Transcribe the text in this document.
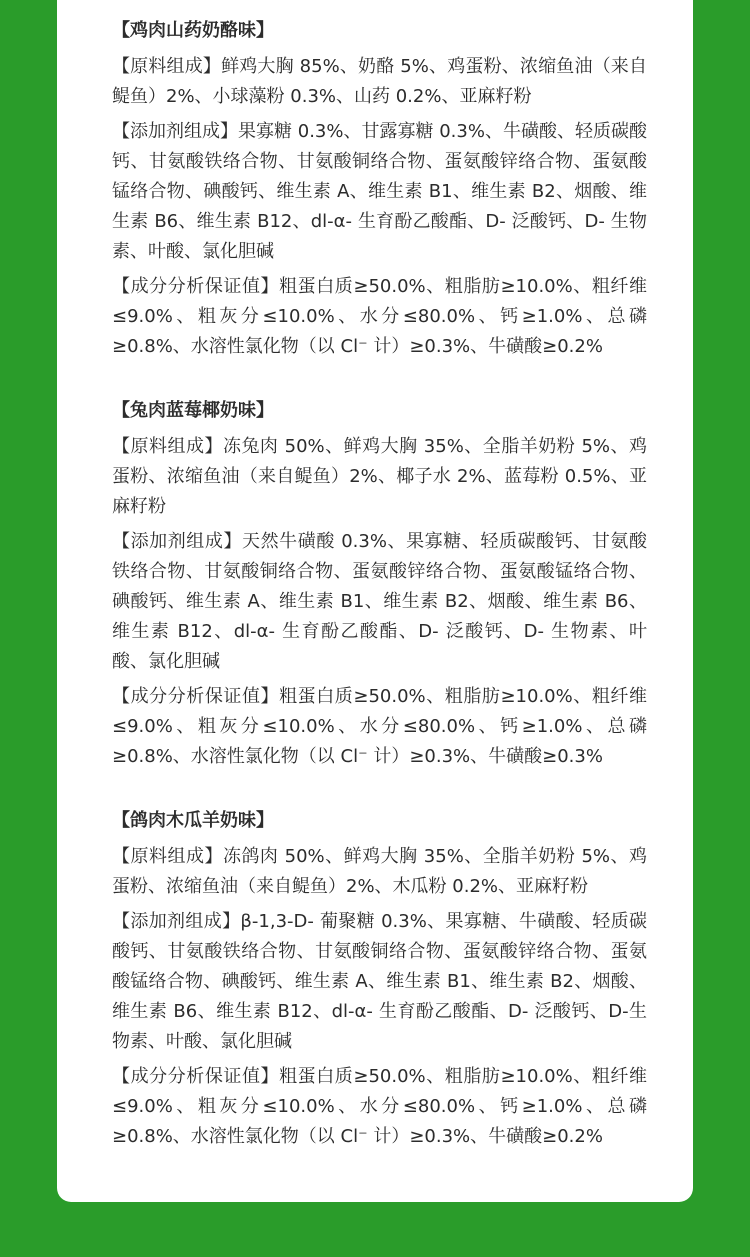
【鸡肉山药奶酪味】
【原料组成】鲜鸡大胸 85%、奶酪 5%、鸡蛋粉、浓缩鱼油（来自鳀鱼）2%、小球藻粉 0.3%、山药 0.2%、亚麻籽粉
【添加剂组成】果寡糖 0.3%、甘露寡糖 0.3%、牛磺酸、轻质碳酸钙、甘氨酸铁络合物、甘氨酸铜络合物、蛋氨酸锌络合物、蛋氨酸锰络合物、碘酸钙、维生素 A、维生素 B1、维生素 B2、烟酸、维生素 B6、维生素 B12、dl-α- 生育酚乙酸酯、D- 泛酸钙、D- 生物素、叶酸、氯化胆碱
【成分分析保证值】粗蛋白质≥50.0%、粗脂肪≥10.0%、粗纤维≤9.0%、粗灰分≤10.0%、水分≤80.0%、钙≥1.0%、总磷≥0.8%、水溶性氯化物（以 Cl⁻ 计）≥0.3%、牛磺酸≥0.2%
【兔肉蓝莓椰奶味】
【原料组成】冻兔肉 50%、鲜鸡大胸 35%、全脂羊奶粉 5%、鸡蛋粉、浓缩鱼油（来自鳀鱼）2%、椰子水 2%、蓝莓粉 0.5%、亚麻籽粉
【添加剂组成】天然牛磺酸 0.3%、果寡糖、轻质碳酸钙、甘氨酸铁络合物、甘氨酸铜络合物、蛋氨酸锌络合物、蛋氨酸锰络合物、碘酸钙、维生素 A、维生素 B1、维生素 B2、烟酸、维生素 B6、维生素 B12、dl-α- 生育酚乙酸酯、D- 泛酸钙、D- 生物素、叶酸、氯化胆碱
【成分分析保证值】粗蛋白质≥50.0%、粗脂肪≥10.0%、粗纤维≤9.0%、粗灰分≤10.0%、水分≤80.0%、钙≥1.0%、总磷≥0.8%、水溶性氯化物（以 Cl⁻ 计）≥0.3%、牛磺酸≥0.3%
【鸽肉木瓜羊奶味】
【原料组成】冻鸽肉 50%、鲜鸡大胸 35%、全脂羊奶粉 5%、鸡蛋粉、浓缩鱼油（来自鳀鱼）2%、木瓜粉 0.2%、亚麻籽粉
【添加剂组成】β-1,3-D- 葡聚糖 0.3%、果寡糖、牛磺酸、轻质碳酸钙、甘氨酸铁络合物、甘氨酸铜络合物、蛋氨酸锌络合物、蛋氨酸锰络合物、碘酸钙、维生素 A、维生素 B1、维生素 B2、烟酸、维生素 B6、维生素 B12、dl-α- 生育酚乙酸酯、D- 泛酸钙、D-生物素、叶酸、氯化胆碱
【成分分析保证值】粗蛋白质≥50.0%、粗脂肪≥10.0%、粗纤维≤9.0%、粗灰分≤10.0%、水分≤80.0%、钙≥1.0%、总磷≥0.8%、水溶性氯化物（以 Cl⁻ 计）≥0.3%、牛磺酸≥0.2%
